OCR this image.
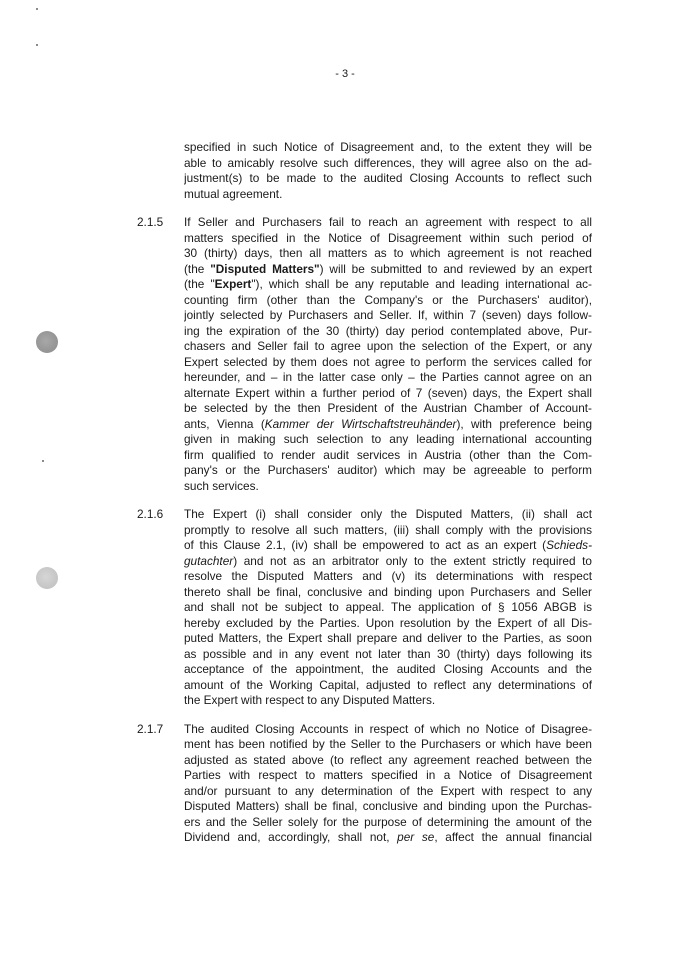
- 3 -
specified in such Notice of Disagreement and, to the extent they will be
able to amicably resolve such differences, they will agree also on the ad-
justment(s) to be made to the audited Closing Accounts to reflect such
mutual agreement.
2.1.5 If Seller and Purchasers fail to reach an agreement with respect to all
matters specified in the Notice of Disagreement within such period of
30 (thirty) days, then all matters as to which agreement is not reached
(the "Disputed Matters") will be submitted to and reviewed by an expert
(the "Expert"), which shall be any reputable and leading international ac-
counting firm (other than the Company's or the Purchasers' auditor),
jointly selected by Purchasers and Seller. If, within 7 (seven) days follow-
ing the expiration of the 30 (thirty) day period contemplated above, Pur-
chasers and Seller fail to agree upon the selection of the Expert, or any
Expert selected by them does not agree to perform the services called for
hereunder, and – in the latter case only – the Parties cannot agree on an
alternate Expert within a further period of 7 (seven) days, the Expert shall
be selected by the then President of the Austrian Chamber of Account-
ants, Vienna (Kammer der Wirtschaftstreuhänder), with preference being
given in making such selection to any leading international accounting
firm qualified to render audit services in Austria (other than the Com-
pany's or the Purchasers' auditor) which may be agreeable to perform
such services.
2.1.6 The Expert (i) shall consider only the Disputed Matters, (ii) shall act
promptly to resolve all such matters, (iii) shall comply with the provisions
of this Clause 2.1, (iv) shall be empowered to act as an expert (Schieds-
gutachter) and not as an arbitrator only to the extent strictly required to
resolve the Disputed Matters and (v) its determinations with respect
thereto shall be final, conclusive and binding upon Purchasers and Seller
and shall not be subject to appeal. The application of § 1056 ABGB is
hereby excluded by the Parties. Upon resolution by the Expert of all Dis-
puted Matters, the Expert shall prepare and deliver to the Parties, as soon
as possible and in any event not later than 30 (thirty) days following its
acceptance of the appointment, the audited Closing Accounts and the
amount of the Working Capital, adjusted to reflect any determinations of
the Expert with respect to any Disputed Matters.
2.1.7 The audited Closing Accounts in respect of which no Notice of Disagree-
ment has been notified by the Seller to the Purchasers or which have been
adjusted as stated above (to reflect any agreement reached between the
Parties with respect to matters specified in a Notice of Disagreement
and/or pursuant to any determination of the Expert with respect to any
Disputed Matters) shall be final, conclusive and binding upon the Purchas-
ers and the Seller solely for the purpose of determining the amount of the
Dividend and, accordingly, shall not, per se, affect the annual financial
